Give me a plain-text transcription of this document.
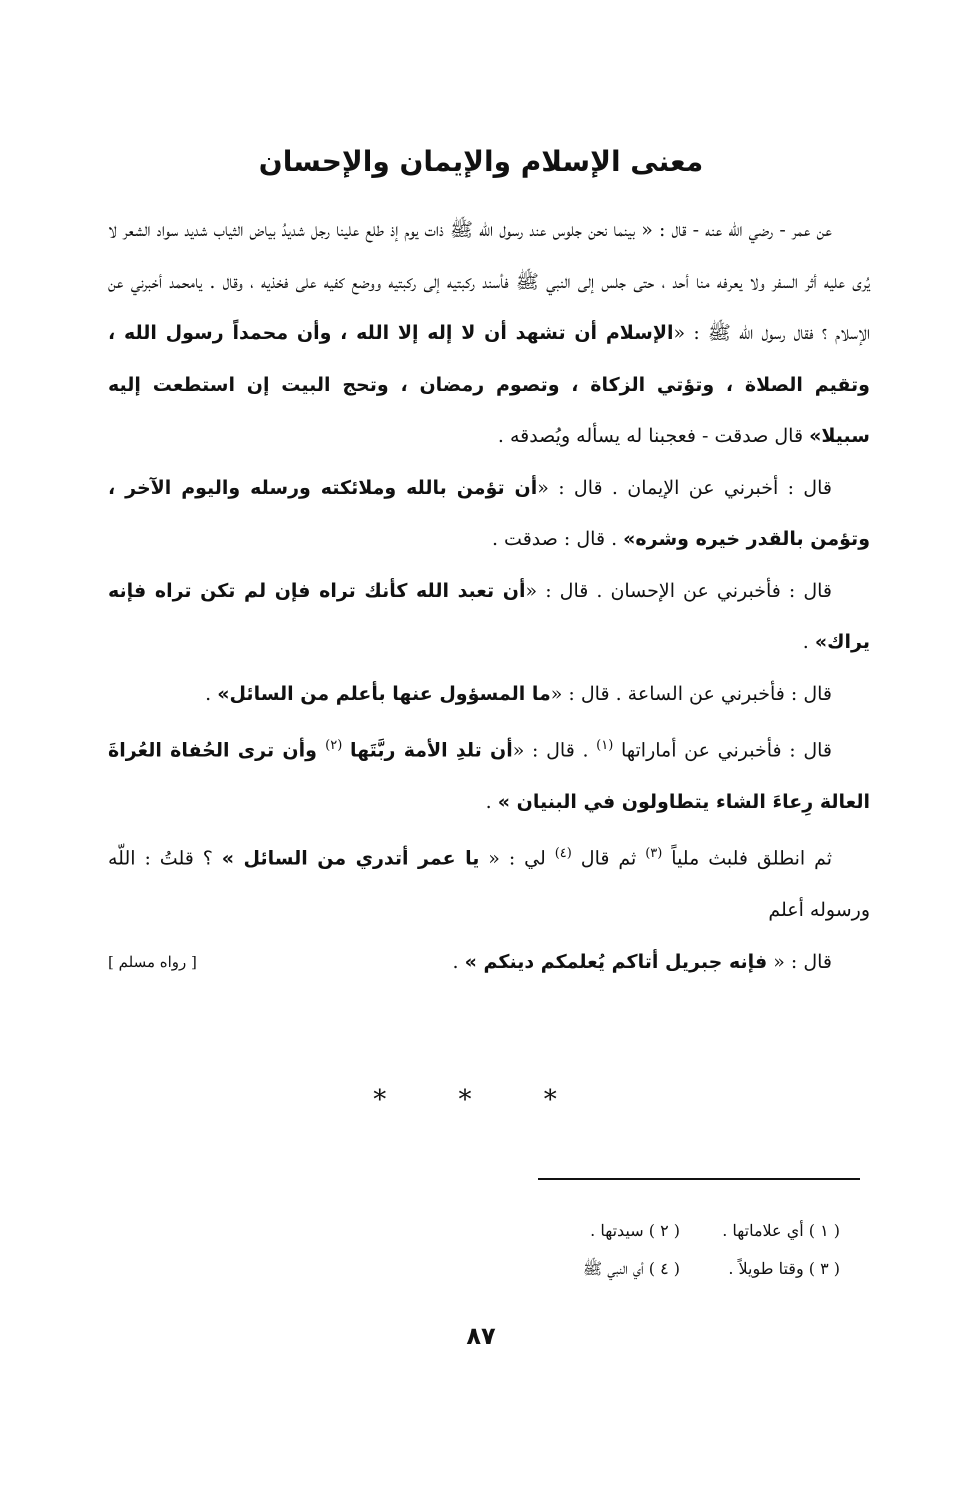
معنى الإسلام والإيمان والإحسان

عن عمر - رضي الله عنه - قال : « بينما نحن جلوس عند رسول الله ﷺ ذات يوم إذ طلع علينا رجل شديدُ بياض الثياب شديد سواد الشعر لا يُرى عليه أثر السفر ولا يعرفه منا أحد ، حتى جلس إلى النبي ﷺ فأسند ركبتيه إلى ركبتيه ووضع كفيه على فخذيه ، وقال . يامحمد أخبرني عن الإسلام ؟ فقال رسول الله ﷺ : «الإسلام أن تشهد أن لا إله إلا الله ، وأن محمداً رسول الله ، وتقيم الصلاة ، وتؤتي الزكاة ، وتصوم رمضان ، وتحج البيت إن استطعت إليه سبيلا» قال صدقت - فعجبنا له يسأله ويُصدقه .

قال : أخبرني عن الإيمان . قال : «أن تؤمن بالله وملائكته ورسله واليوم الآخر ، وتؤمن بالقدر خيره وشره» . قال : صدقت .

قال : فأخبرني عن الإحسان . قال : «أن تعبد الله كأنك تراه فإن لم تكن تراه فإنه يراك» .

قال : فأخبرني عن الساعة . قال : «ما المسؤول عنها بأعلم من السائل» .

قال : فأخبرني عن أماراتها $^{(١)}$ . قال : «أن تلدِ الأمة ربَّتَها $^{(٢)}$ وأن ترى الحُفاة العُراةَ العالة رِعاءَ الشاء يتطاولون في البنيان » .

ثم انطلق فلبث ملياً $^{(٣)}$ ثم قال $^{(٤)}$ لي : « يا عمر أتدري من السائل » ؟ قلتُ : اللّه ورسوله أعلم

[ رواه مسلم ]	قال : « فإنه جبريل أتاكم يُعلمكم دينكم » .

* * *
( ١ ) أي علاماتها .
( ٢ ) سيدتها .
( ٣ ) وقتا طويلاً .
( ٤ ) أي النبي ﷺ
٨٧
